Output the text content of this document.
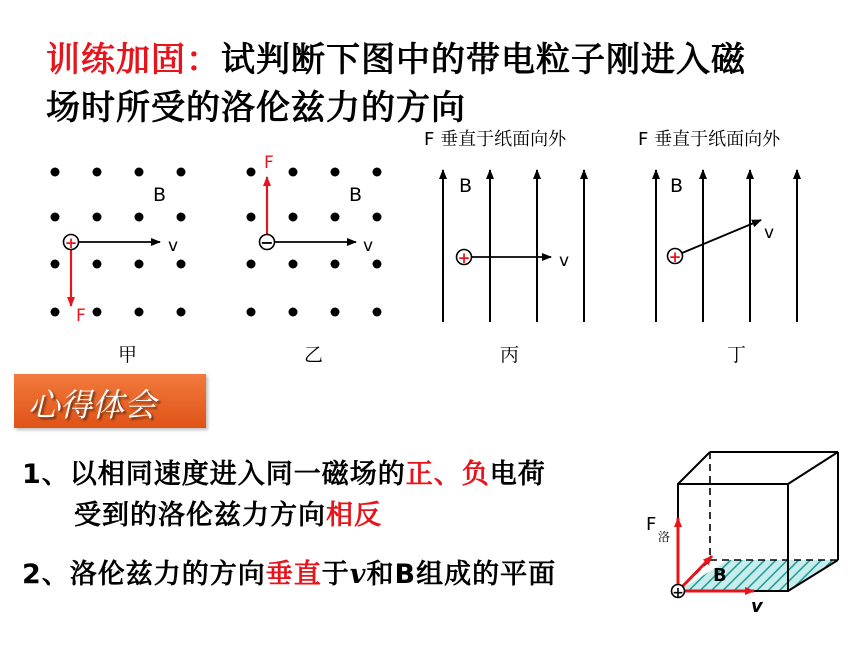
训练加固：试判断下图中的带电粒子刚进入磁
场时所受的洛伦兹力的方向
B
v
F
+
B
v
F
−
F 垂直于纸面向外
B
v
+
F 垂直于纸面向外
B
v
+
甲	乙	丙	丁
F
洛
B
v
+
心得体会
1、以相同速度进入同一磁场的正、负电荷
受到的洛伦兹力方向相反
2、洛伦兹力的方向垂直于v和B组成的平面
